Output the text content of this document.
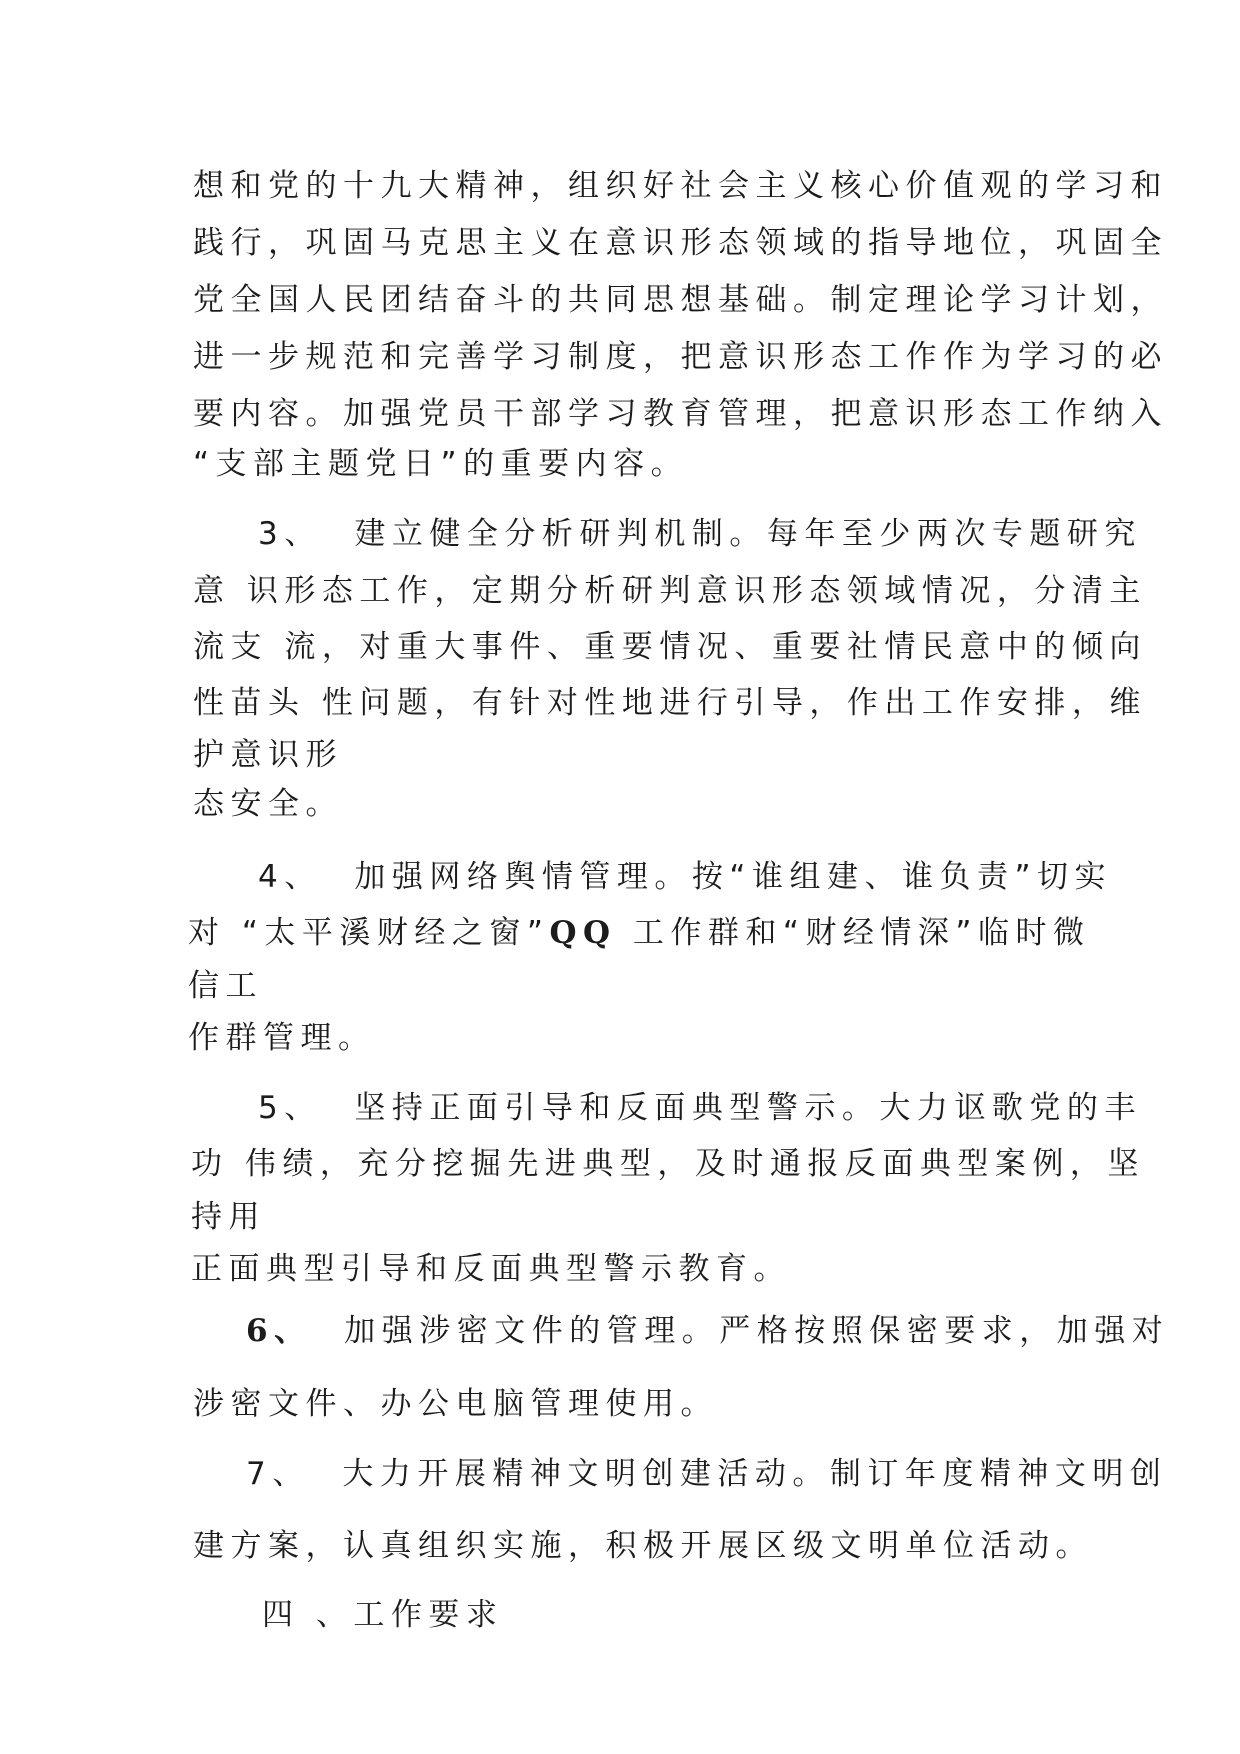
想和党的十九大精神，组织好社会主义核心价值观的学习和
践行，巩固马克思主义在意识形态领域的指导地位，巩固全
党全国人民团结奋斗的共同思想基础。制定理论学习计划，
进一步规范和完善学习制度，把意识形态工作作为学习的必
要内容。加强党员干部学习教育管理，把意识形态工作纳入
“支部主题党日”的重要内容。
3、  建立健全分析研判机制。每年至少两次专题研究
意 识形态工作，定期分析研判意识形态领域情况，分清主
流支 流，对重大事件、重要情况、重要社情民意中的倾向
性苗头 性问题，有针对性地进行引导，作出工作安排，维
护意识形
态安全。
4、  加强网络舆情管理。按“谁组建、谁负责”切实
对 “太平溪财经之窗”QQ 工作群和“财经情深”临时微
信工
作群管理。
5、  坚持正面引导和反面典型警示。大力讴歌党的丰
功 伟绩，充分挖掘先进典型，及时通报反面典型案例，坚
持用
正面典型引导和反面典型警示教育。
6、 加强涉密文件的管理。严格按照保密要求，加强对
涉密文件、办公电脑管理使用。
7、  大力开展精神文明创建活动。制订年度精神文明创
建方案，认真组织实施，积极开展区级文明单位活动。
四 、工作要求
